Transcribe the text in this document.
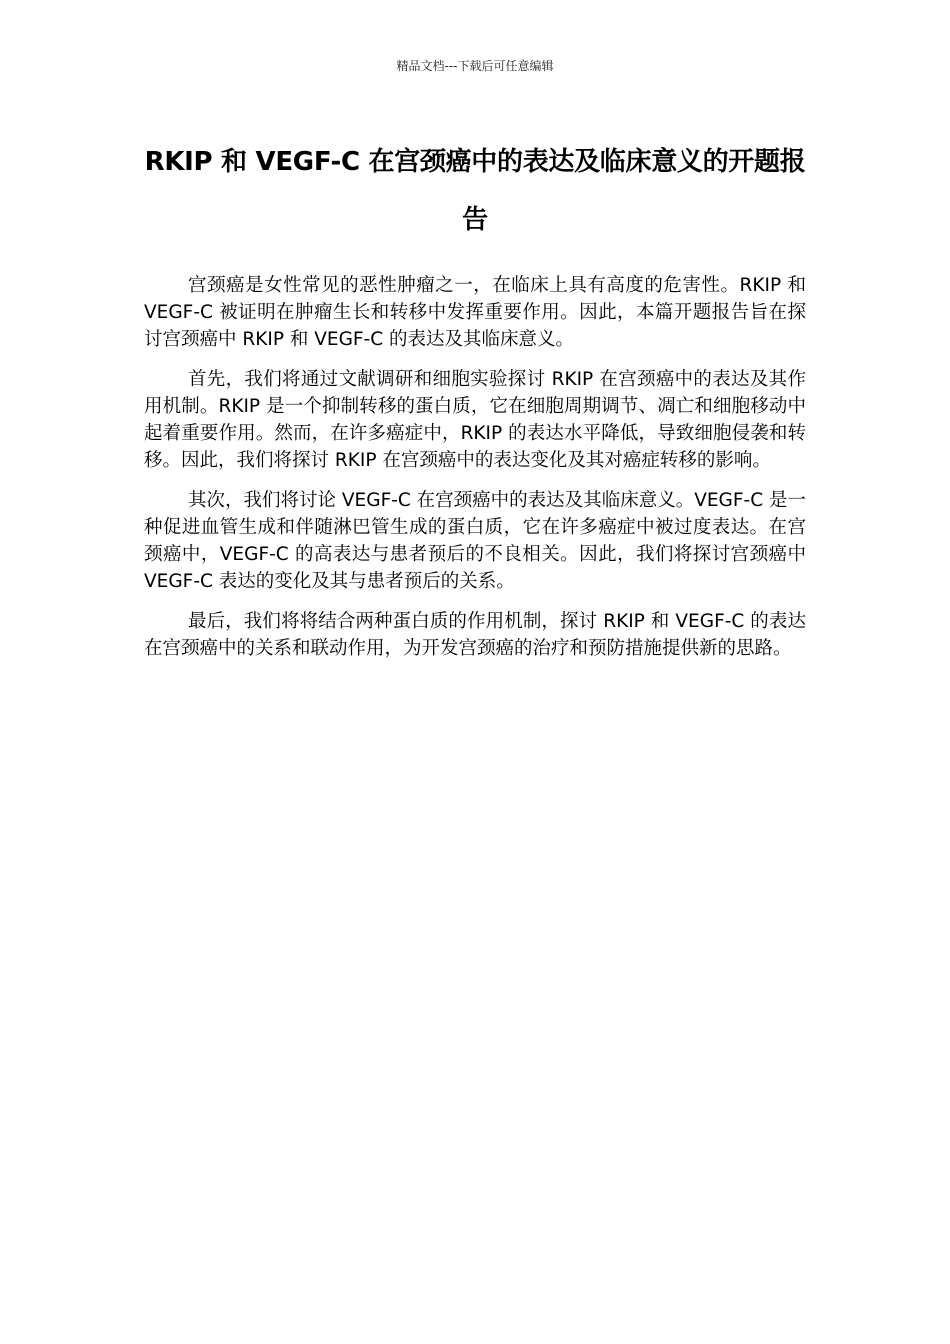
精品文档---下载后可任意编辑
RKIP 和 VEGF-C 在宫颈癌中的表达及临床意义的开题报告

宫颈癌是女性常见的恶性肿瘤之一，在临床上具有高度的危害性。RKIP 和 VEGF-C 被证明在肿瘤生长和转移中发挥重要作用。因此，本篇开题报告旨在探讨宫颈癌中 RKIP 和 VEGF-C 的表达及其临床意义。

首先，我们将通过文献调研和细胞实验探讨 RKIP 在宫颈癌中的表达及其作用机制。RKIP 是一个抑制转移的蛋白质，它在细胞周期调节、凋亡和细胞移动中起着重要作用。然而，在许多癌症中，RKIP 的表达水平降低，导致细胞侵袭和转移。因此，我们将探讨 RKIP 在宫颈癌中的表达变化及其对癌症转移的影响。

其次，我们将讨论 VEGF-C 在宫颈癌中的表达及其临床意义。VEGF-C 是一种促进血管生成和伴随淋巴管生成的蛋白质，它在许多癌症中被过度表达。在宫颈癌中，VEGF-C 的高表达与患者预后的不良相关。因此，我们将探讨宫颈癌中 VEGF-C 表达的变化及其与患者预后的关系。

最后，我们将将结合两种蛋白质的作用机制，探讨 RKIP 和 VEGF-C 的表达在宫颈癌中的关系和联动作用，为开发宫颈癌的治疗和预防措施提供新的思路。
